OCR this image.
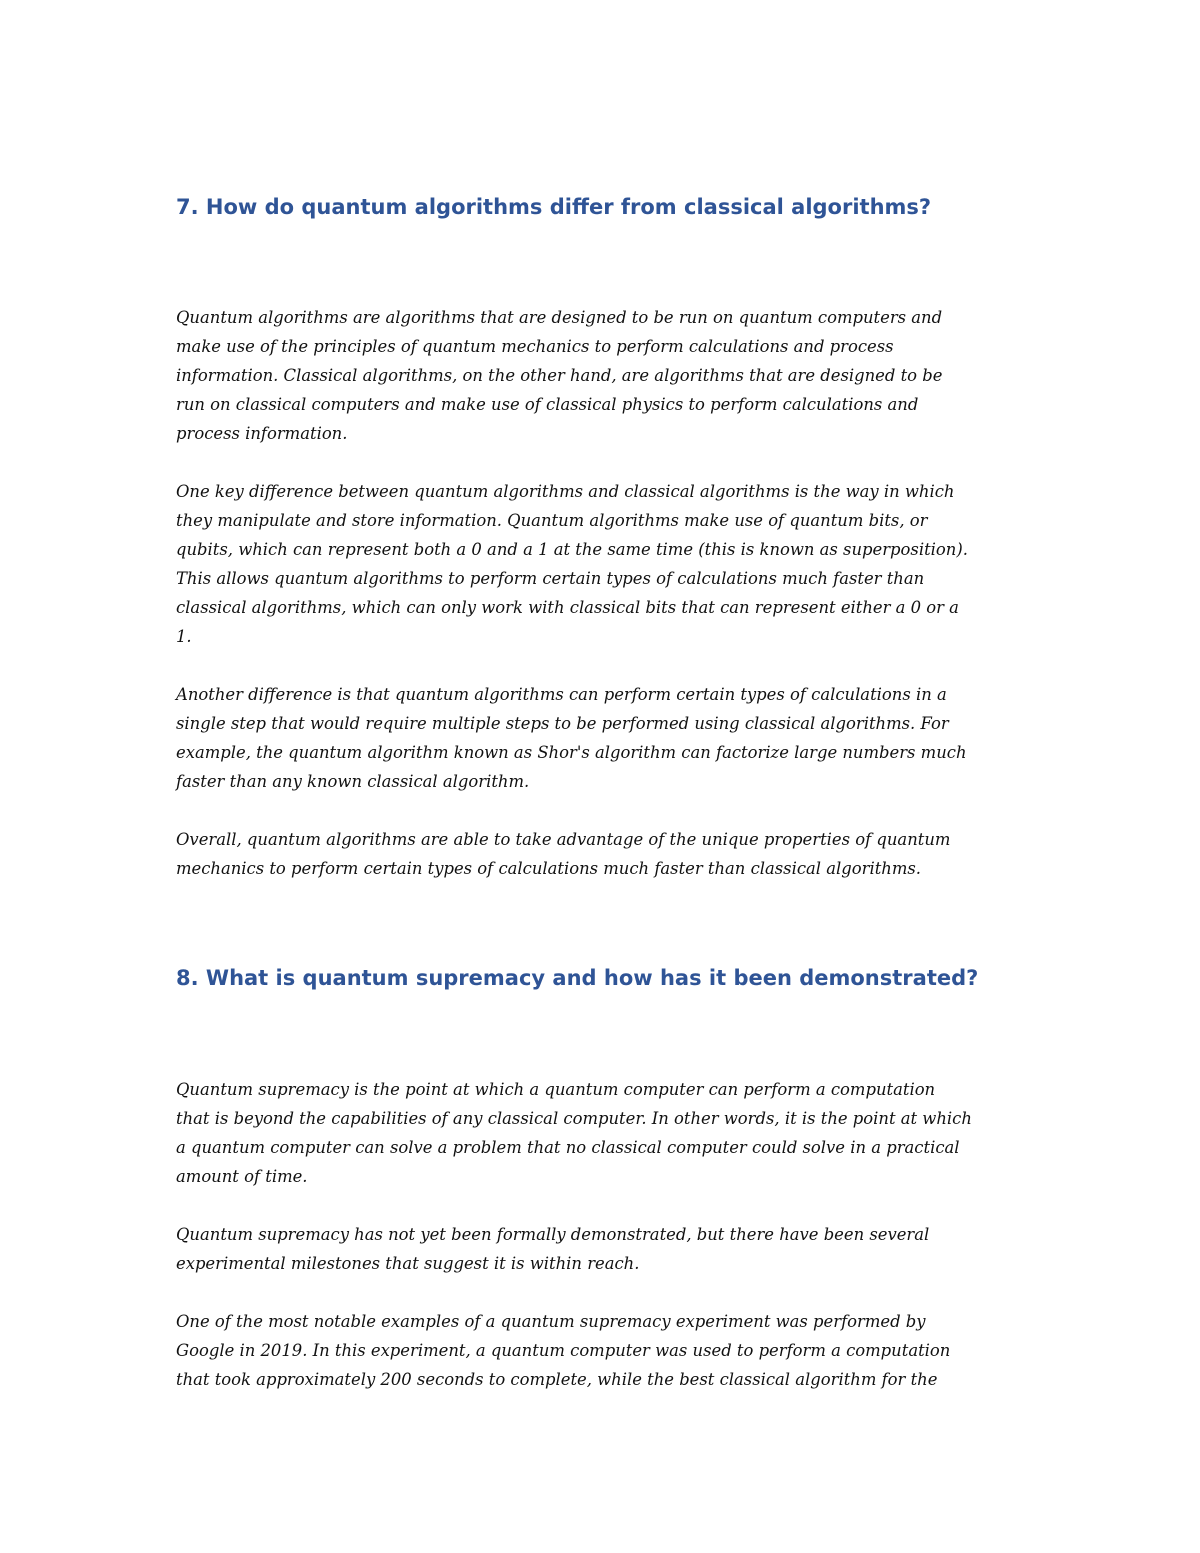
7. How do quantum algorithms differ from classical algorithms?

Quantum algorithms are algorithms that are designed to be run on quantum computers and
make use of the principles of quantum mechanics to perform calculations and process
information. Classical algorithms, on the other hand, are algorithms that are designed to be
run on classical computers and make use of classical physics to perform calculations and
process information.

One key difference between quantum algorithms and classical algorithms is the way in which
they manipulate and store information. Quantum algorithms make use of quantum bits, or
qubits, which can represent both a 0 and a 1 at the same time (this is known as superposition).
This allows quantum algorithms to perform certain types of calculations much faster than
classical algorithms, which can only work with classical bits that can represent either a 0 or a
1.

Another difference is that quantum algorithms can perform certain types of calculations in a
single step that would require multiple steps to be performed using classical algorithms. For
example, the quantum algorithm known as Shor's algorithm can factorize large numbers much
faster than any known classical algorithm.

Overall, quantum algorithms are able to take advantage of the unique properties of quantum
mechanics to perform certain types of calculations much faster than classical algorithms.

8. What is quantum supremacy and how has it been demonstrated?

Quantum supremacy is the point at which a quantum computer can perform a computation
that is beyond the capabilities of any classical computer. In other words, it is the point at which
a quantum computer can solve a problem that no classical computer could solve in a practical
amount of time.

Quantum supremacy has not yet been formally demonstrated, but there have been several
experimental milestones that suggest it is within reach.

One of the most notable examples of a quantum supremacy experiment was performed by
Google in 2019. In this experiment, a quantum computer was used to perform a computation
that took approximately 200 seconds to complete, while the best classical algorithm for the
